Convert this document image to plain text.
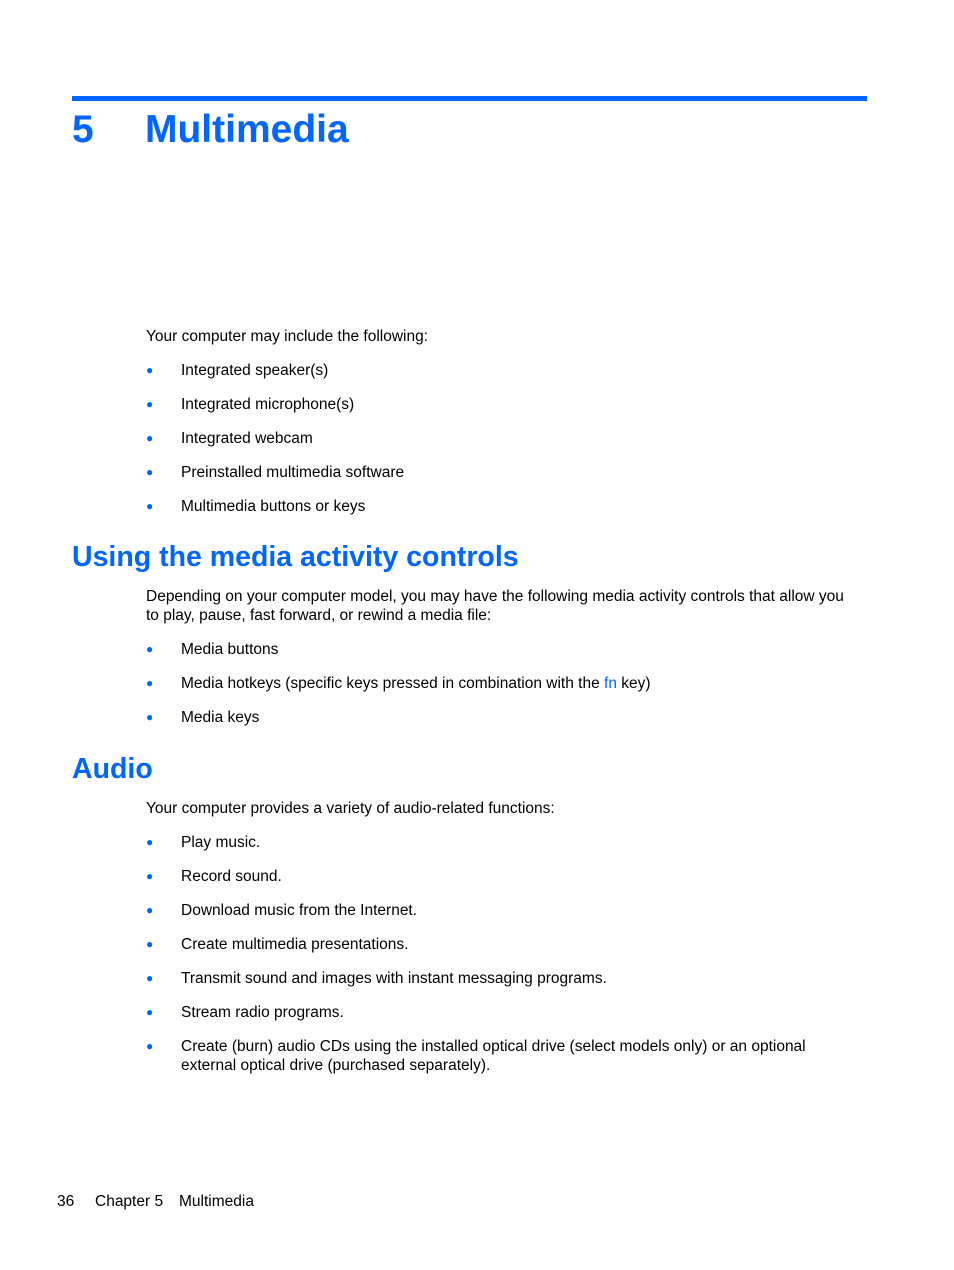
5 Multimedia
Your computer may include the following:
● Integrated speaker(s)
● Integrated microphone(s)
● Integrated webcam
● Preinstalled multimedia software
● Multimedia buttons or keys
Using the media activity controls
Depending on your computer model, you may have the following media activity controls that allow you to play, pause, fast forward, or rewind a media file:
● Media buttons
● Media hotkeys (specific keys pressed in combination with the fn key)
● Media keys
Audio
Your computer provides a variety of audio-related functions:
● Play music.
● Record sound.
● Download music from the Internet.
● Create multimedia presentations.
● Transmit sound and images with instant messaging programs.
● Stream radio programs.
● Create (burn) audio CDs using the installed optical drive (select models only) or an optional external optical drive (purchased separately).
36 Chapter 5 Multimedia
